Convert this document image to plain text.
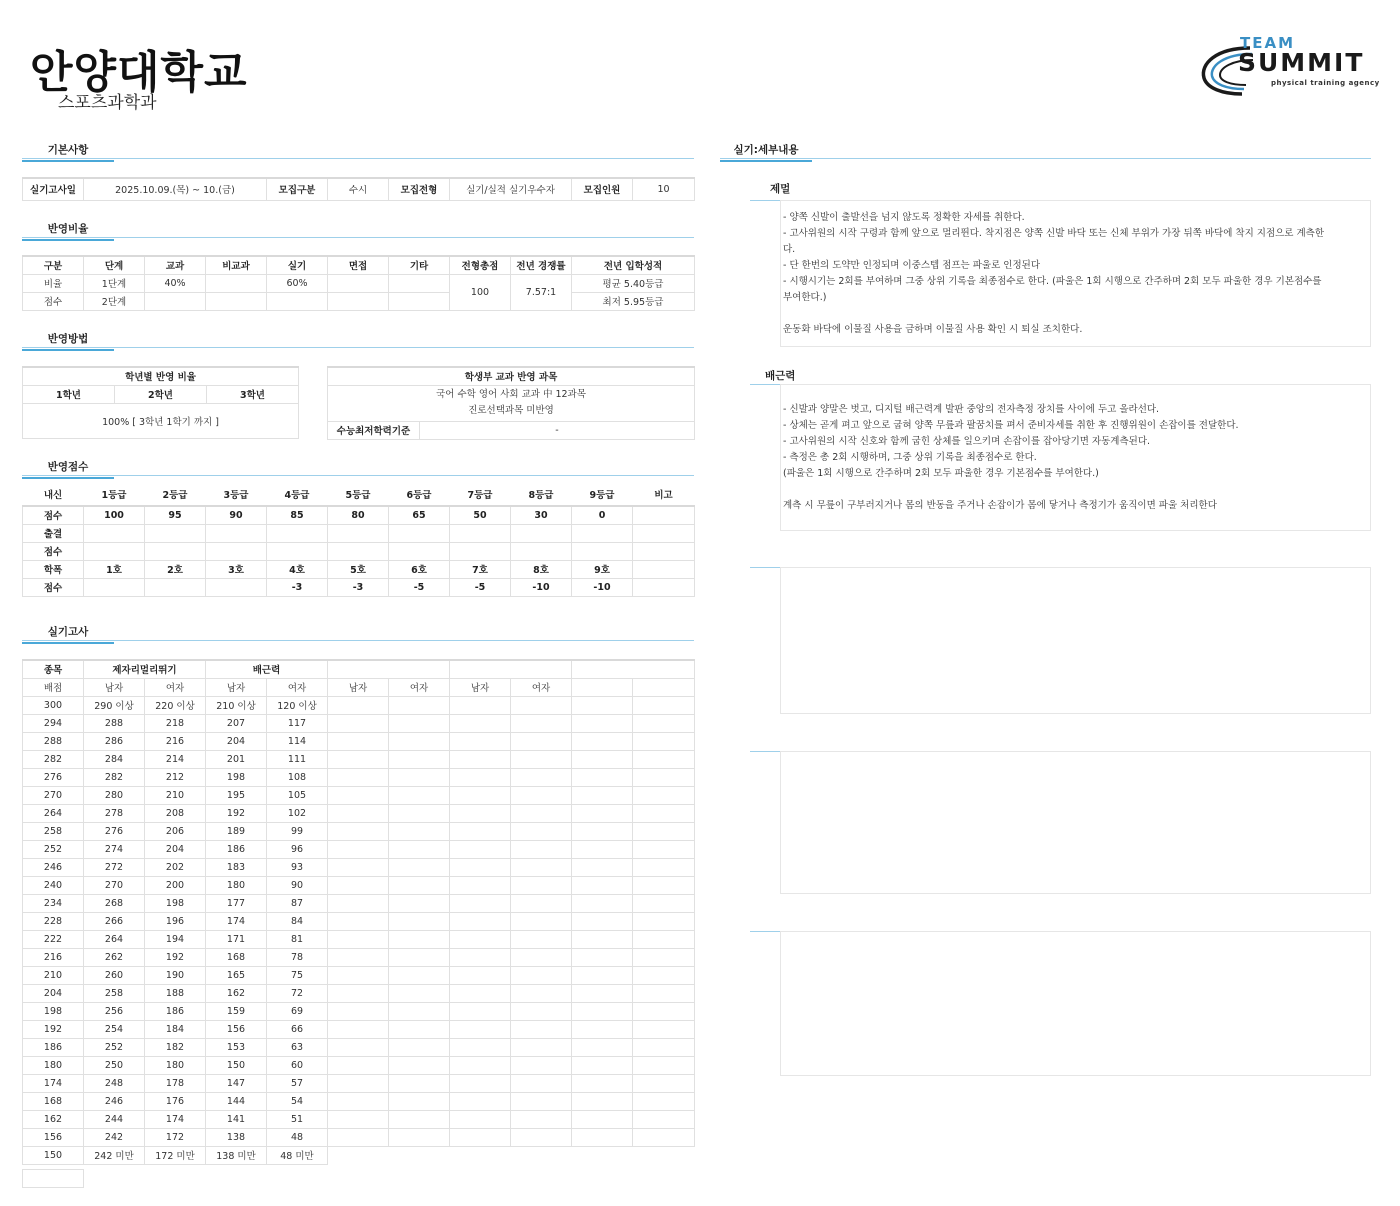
안양대학교
스포츠과학과
TEAM
SUMMIT
physical training agency
기본사항
실기고사일	2025.10.09.(목) ~ 10.(금)	모집구분	수시	모집전형	실기/실적 실기우수자	모집인원	10
반영비율
구분	단계	교과	비교과	실기	면접	기타	전형총점	전년 경쟁률	전년 입학성적
비율	1단계	40%		60%			100	7.57:1	평균 5.40등급
점수	2단계								최저 5.95등급
반영방법
학년별 반영 비율
1학년	2학년	3학년
100% [ 3학년 1학기 까지 ]
학생부 교과 반영 과목

국어 수학 영어 사회 교과 中 12과목
진로선택과목 미반영

수능최저학력기준	-
반영점수
내신	1등급	2등급	3등급	4등급	5등급	6등급	7등급	8등급	9등급	비고
점수	100	95	90	85	80	65	50	30	0	
출결										
점수										
학폭	1호	2호	3호	4호	5호	6호	7호	8호	9호	
점수				-3	-3	-5	-5	-10	-10	
실기고사
종목	제자리멀리뛰기		배근력							
배점	남자	여자	남자	여자	남자	여자	남자	여자		
300	290 이상	220 이상	210 이상	120 이상						
294	288	218	207	117						
288	286	216	204	114						
282	284	214	201	111						
276	282	212	198	108						
270	280	210	195	105						
264	278	208	192	102						
258	276	206	189	99						
252	274	204	186	96						
246	272	202	183	93						
240	270	200	180	90						
234	268	198	177	87						
228	266	196	174	84						
222	264	194	171	81						
216	262	192	168	78						
210	260	190	165	75						
204	258	188	162	72						
198	256	186	159	69						
192	254	184	156	66						
186	252	182	153	63						
180	250	180	150	60						
174	248	178	147	57						
168	246	176	144	54						
162	244	174	141	51						
156	242	172	138	48						
150	242 미만	172 미만	138 미만	48 미만						
실기:세부내용
제멀
- 양쪽 신발이 출발선을 넘지 않도록 정확한 자세를 취한다.
- 고사위원의 시작 구령과 함께 앞으로 멀리뛴다. 착지점은 양쪽 신발 바닥 또는 신체 부위가 가장 뒤쪽 바닥에 착지 지점으로 계측한
다.
- 단 한번의 도약만 인정되며 이중스텝 점프는 파울로 인정된다
- 시행시기는 2회를 부여하며 그중 상위 기록을 최종점수로 한다. (파울은 1회 시행으로 간주하며 2회 모두 파울한 경우 기본점수를
부여한다.)
운동화 바닥에 이물질 사용을 금하며 이물질 사용 확인 시 퇴실 조치한다.
배근력
- 신발과 양말은 벗고, 디지털 배근력계 발판 중앙의 전자측정 장치를 사이에 두고 올라선다.
- 상체는 곧게 펴고 앞으로 굽혀 양쪽 무릎과 팔꿈치를 펴서 준비자세를 취한 후 진행위원이 손잡이를 전달한다.
- 고사위원의 시작 신호와 함께 굽힌 상체를 일으키며 손잡이를 잡아당기면 자동계측된다.
- 측정은 총 2회 시행하며, 그중 상위 기록을 최종점수로 한다.
(파울은 1회 시행으로 간주하며 2회 모두 파울한 경우 기본점수를 부여한다.)
계측 시 무릎이 구부러지거나 몸의 반동을 주거나 손잡이가 몸에 닿거나 측정기가 움직이면 파울 처리한다
